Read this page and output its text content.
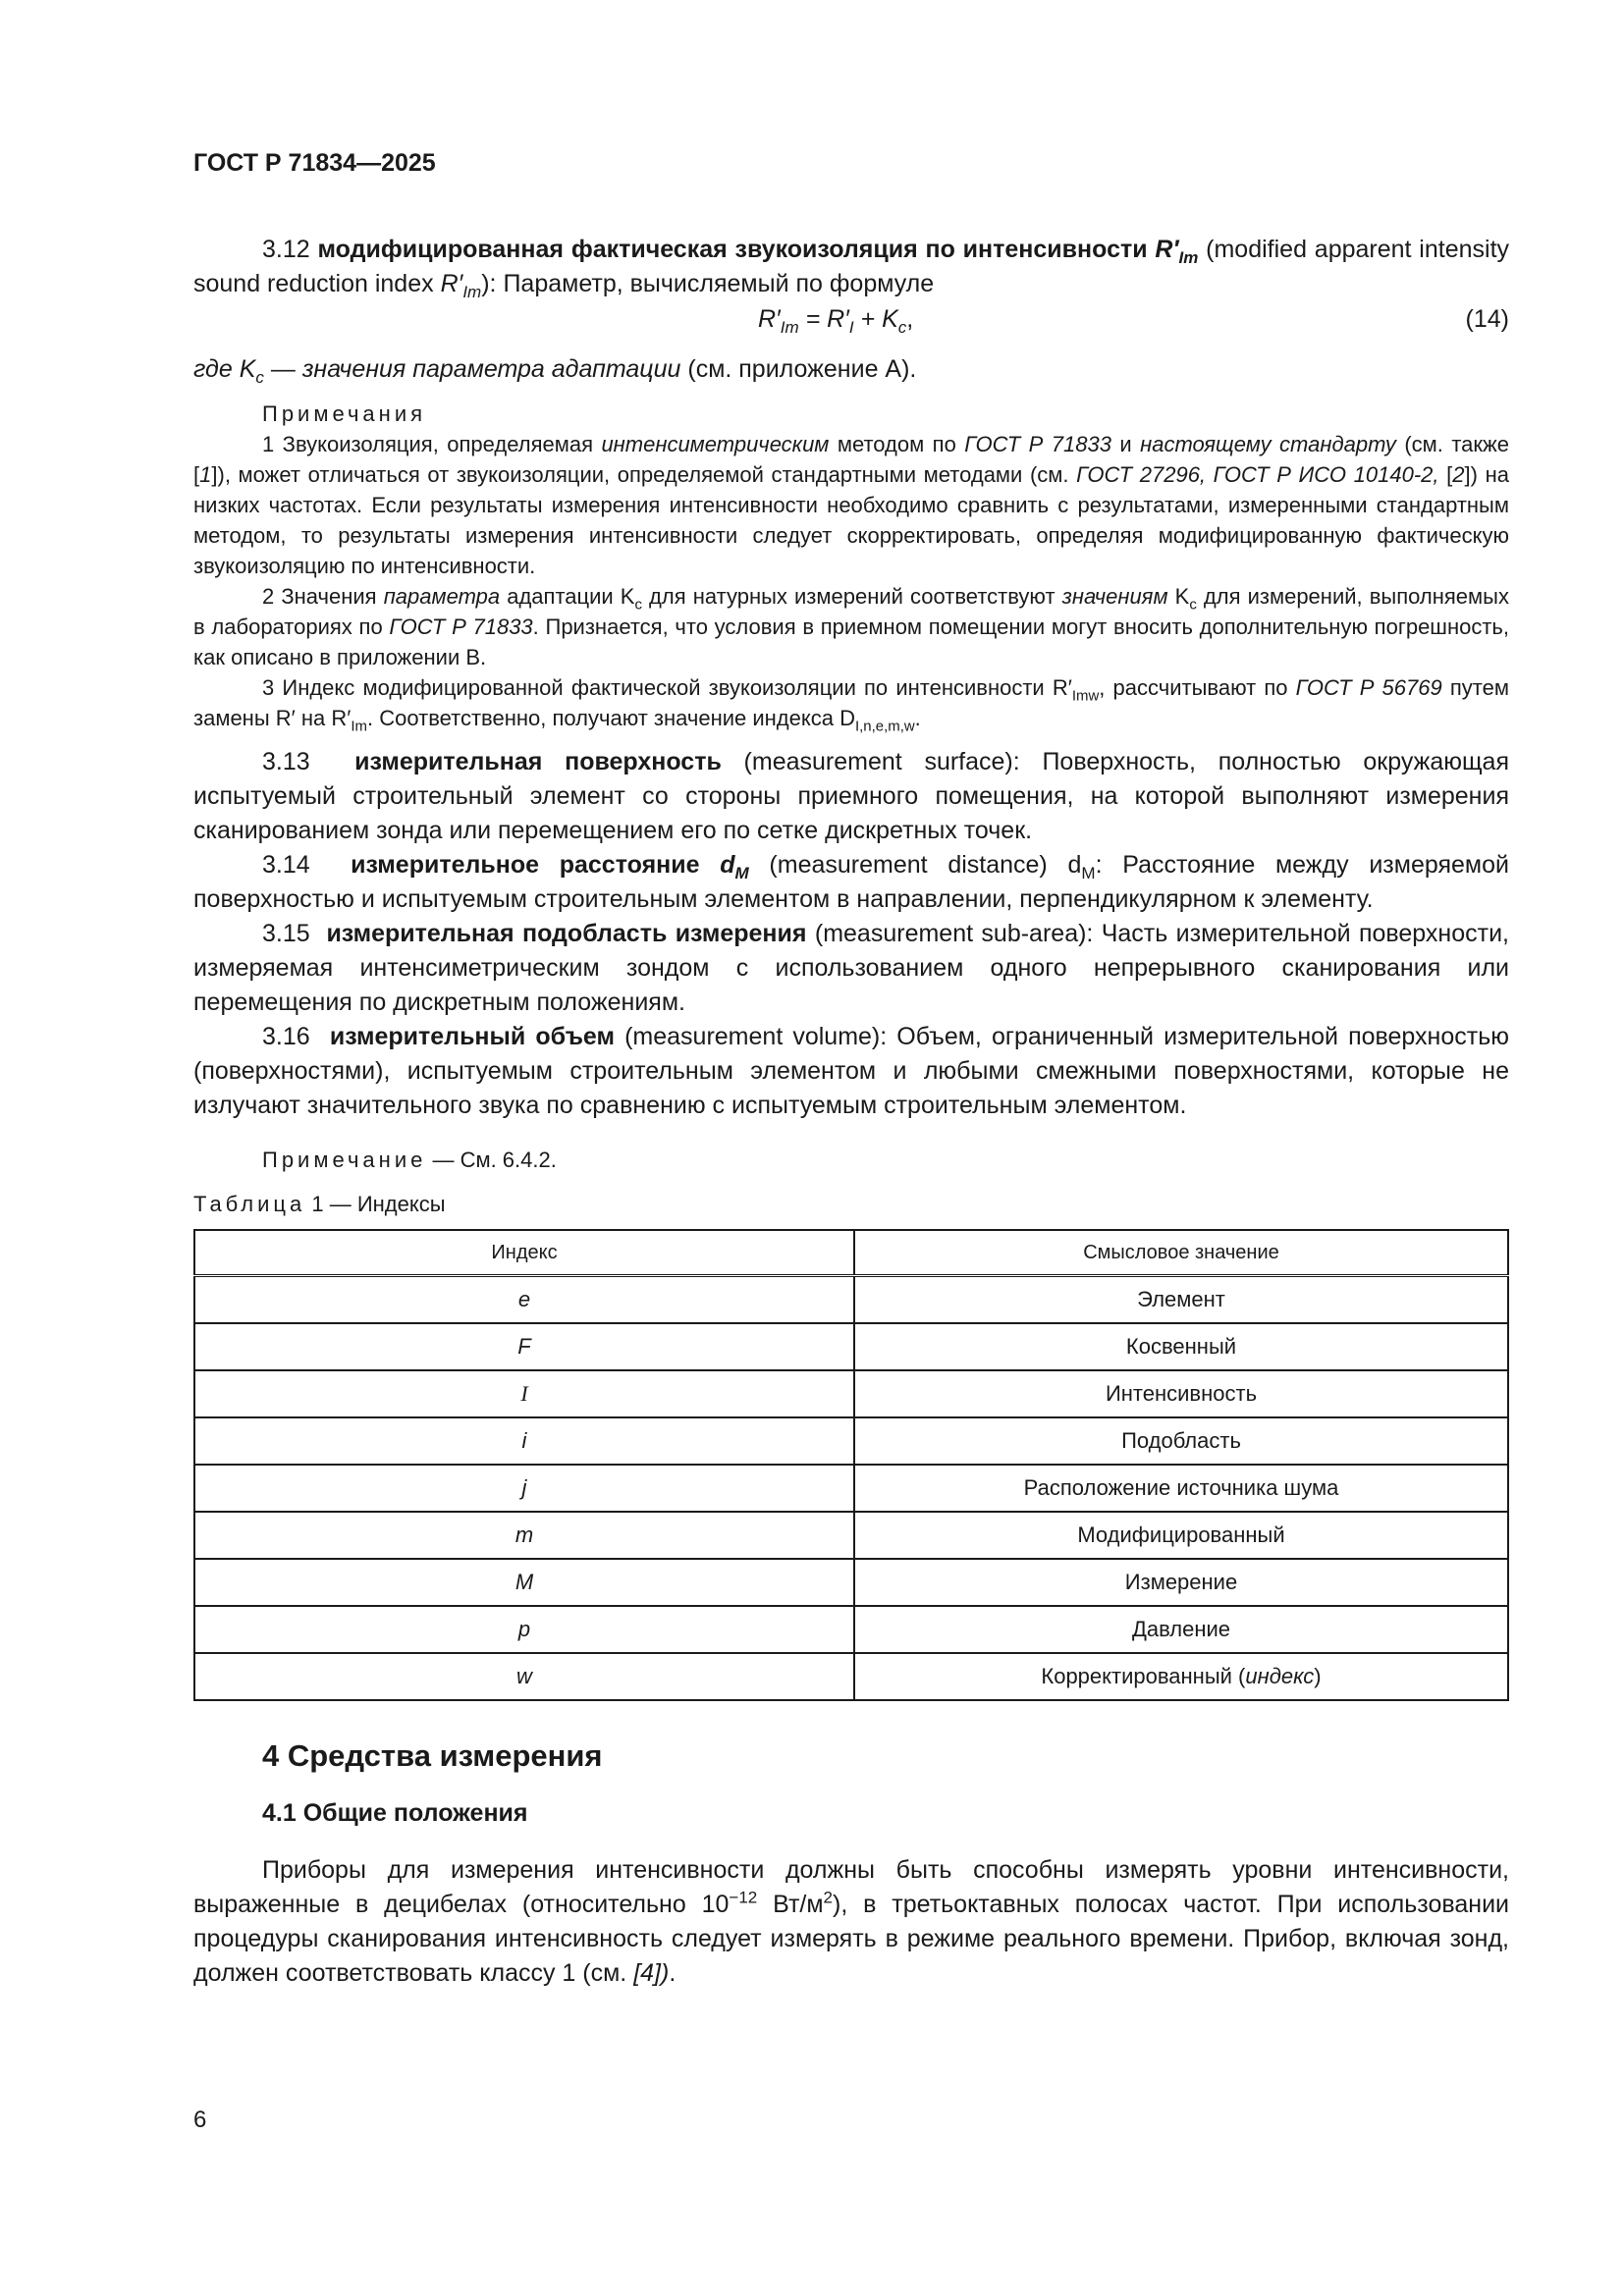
ГОСТ Р 71834—2025

3.12 модифицированная фактическая звукоизоляция по интенсивности $R'_{Im}$ (modified apparent intensity sound reduction index $R'_{Im}$): Параметр, вычисляемый по формуле

$R'_{Im} = R'_I + K_c$,	(14)

где $K_c$ — значения параметра адаптации (см. приложение А).

Примечания

1 Звукоизоляция, определяемая интенсиметрическим методом по ГОСТ Р 71833 и настоящему стандарту (см. также [1]), может отличаться от звукоизоляции, определяемой стандартными методами (см. ГОСТ 27296, ГОСТ Р ИСО 10140-2, [2]) на низких частотах. Если результаты измерения интенсивности необходимо сравнить с результатами, измеренными стандартным методом, то результаты измерения интенсивности следует скорректировать, определяя модифицированную фактическую звукоизоляцию по интенсивности.

2 Значения параметра адаптации $K_c$ для натурных измерений соответствуют значениям $K_c$ для измерений, выполняемых в лабораториях по ГОСТ Р 71833. Признается, что условия в приемном помещении могут вносить дополнительную погрешность, как описано в приложении В.

3 Индекс модифицированной фактической звукоизоляции по интенсивности $R'_{Imw}$, рассчитывают по ГОСТ Р 56769 путем замены R′ на $R'_{Im}$. Соответственно, получают значение индекса $D_{I,n,e,m,w}$.

3.13 измерительная поверхность (measurement surface): Поверхность, полностью окружающая испытуемый строительный элемент со стороны приемного помещения, на которой выполняют измерения сканированием зонда или перемещением его по сетке дискретных точек.

3.14 измерительное расстояние $d_M$ (measurement distance) $d_M$: Расстояние между измеряемой поверхностью и испытуемым строительным элементом в направлении, перпендикулярном к элементу.

3.15 измерительная подобласть измерения (measurement sub-area): Часть измерительной поверхности, измеряемая интенсиметрическим зондом с использованием одного непрерывного сканирования или перемещения по дискретным положениям.

3.16 измерительный объем (measurement volume): Объем, ограниченный измерительной поверхностью (поверхностями), испытуемым строительным элементом и любыми смежными поверхностями, которые не излучают значительного звука по сравнению с испытуемым строительным элементом.

Примечание — См. 6.4.2.

Таблица 1 — Индексы

Индекс	Смысловое значение
e	Элемент
F	Косвенный
I	Интенсивность
i	Подобласть
j	Расположение источника шума
m	Модифицированный
M	Измерение
p	Давление
w	Корректированный (индекс)
4 Средства измерения
4.1 Общие положения

Приборы для измерения интенсивности должны быть способны измерять уровни интенсивности, выраженные в децибелах (относительно $10^{-12}$ $Вт/м^2$), в третьоктавных полосах частот. При использовании процедуры сканирования интенсивность следует измерять в режиме реального времени. Прибор, включая зонд, должен соответствовать классу 1 (см. [4]).

6
